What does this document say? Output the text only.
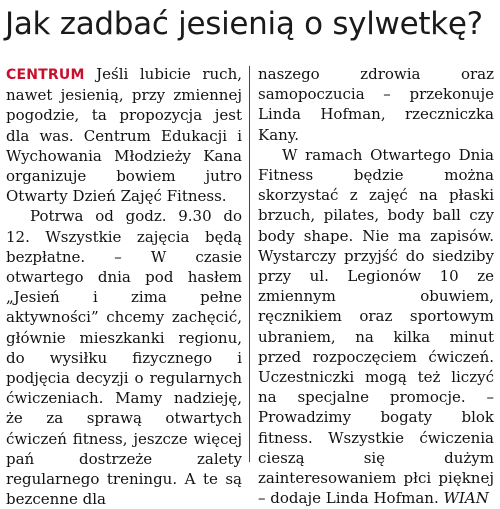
Jak zadbać jesienią o sylwetkę?

CENTRUM Jeśli lubicie ruch, nawet jesienią, przy zmiennej pogodzie, ta propozycja jest dla was. Centrum Edukacji i Wychowania Młodzieży Kana organizuje bowiem jutro Otwarty Dzień Zajęć Fitness.

Potrwa od godz. 9.30 do 12. Wszystkie zajęcia będą bezpłatne. – W czasie otwartego dnia pod hasłem „Jesień i zima pełne aktywności” chcemy zachęcić, głównie mieszkanki regionu, do wysiłku fizycznego i podjęcia decyzji o regularnych ćwiczeniach. Mamy nadzieję, że za sprawą otwartych ćwiczeń fitness, jeszcze więcej pań dostrzeże zalety regularnego treningu. A te są bezcenne dla

naszego zdrowia oraz samopoczucia – przekonuje Linda Hofman, rzeczniczka Kany.

W ramach Otwartego Dnia Fitness będzie można skorzystać z zajęć na płaski brzuch, pilates, body ball czy body shape. Nie ma zapisów. Wystarczy przyjść do siedziby przy ul. Legionów 10 ze zmiennym obuwiem, ręcznikiem oraz sportowym ubraniem, na kilka minut przed rozpoczęciem ćwiczeń. Uczestniczki mogą też liczyć na specjalne promocje. – Prowadzimy bogaty blok fitness. Wszystkie ćwiczenia cieszą się dużym zainteresowaniem płci pięknej – dodaje Linda Hofman. WIAN
